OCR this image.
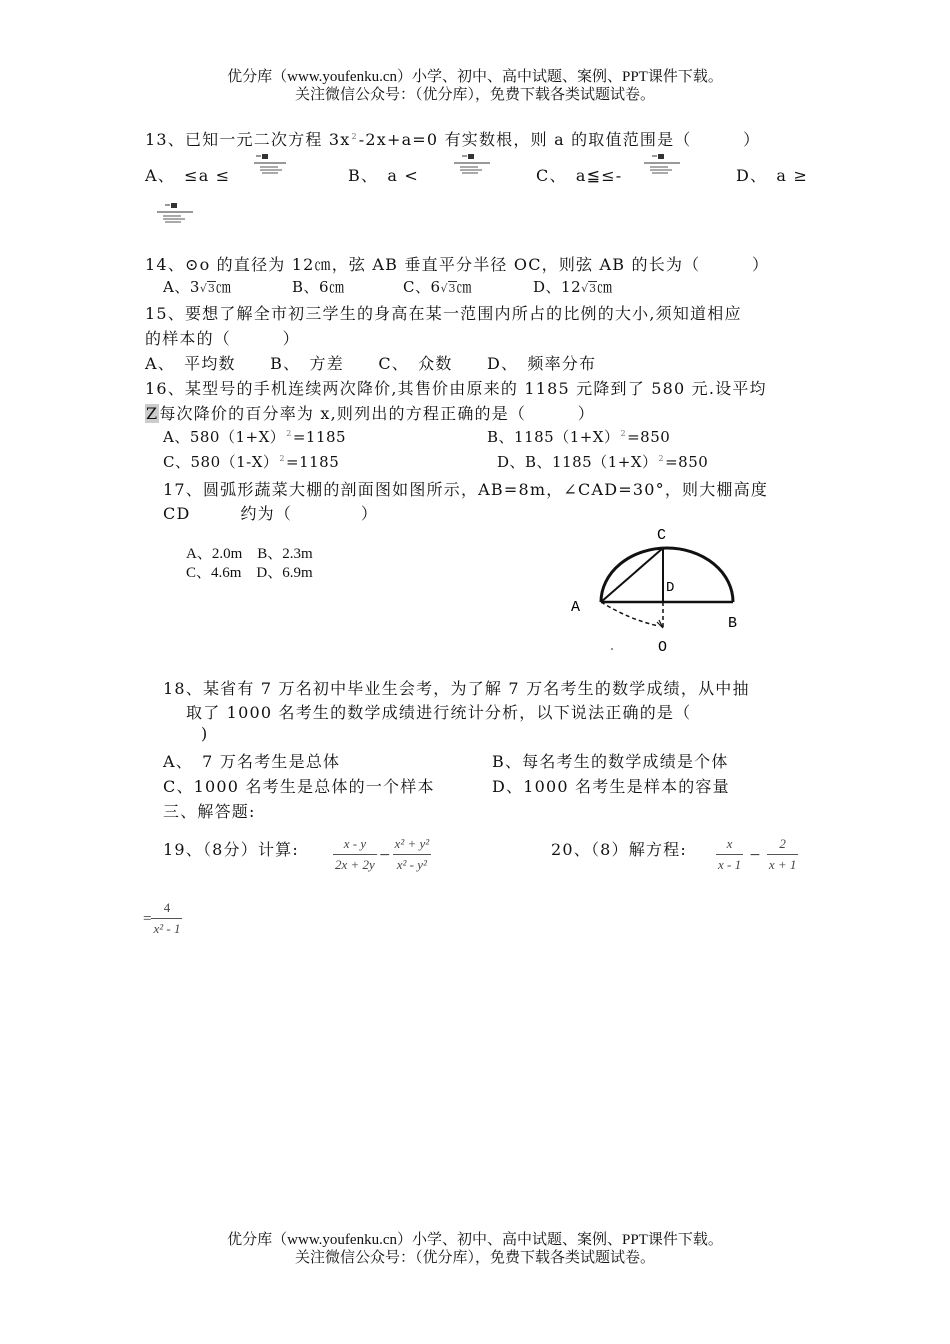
优分库（www.youfenku.cn）小学、初中、高中试题、案例、PPT课件下载。
关注微信公众号：（优分库），免费下载各类试题试卷。
13、已知一元二次方程 $3x^2-2x+a=0$ 有实数根，则 a 的取值范围是（　　　）
A、　≤a ≤	B、　a <	C、　a≦≤-	D、　a ≥
14、⊙o 的直径为 12㎝，弦 AB 垂直平分半径 OC，则弦 AB 的长为（　　　）
A、3√3㎝	B、6㎝	C、6√3㎝	D、12√3㎝
15、要想了解全市初三学生的身高在某一范围内所占的比例的大小,须知道相应
的样本的（　　　）
A、　平均数　　B、　方差　　C、　众数　　D、　频率分布
16、某型号的手机连续两次降价,其售价由原来的 1185 元降到了 580 元.设平均
Z每次降价的百分率为 x,则列出的方程正确的是（　　　）
A、$580(1+X)^2=1185$	B、$1185(1+X)^2=850$
C、$580(1-X)^2=1185$	D、B、$1185(1+X)^2=850$
17、圆弧形蔬菜大棚的剖面图如图所示，AB=8m，∠CAD=30°，则大棚高度
CD	约为（　　　　）
A、2.0m　B、2.3m
C、4.6m　D、6.9m
C
D
A
B
O
18、某省有 7 万名初中毕业生会考，为了解 7 万名考生的数学成绩，从中抽
取了 1000 名考生的数学成绩进行统计分析，以下说法正确的是（
)
A、　7 万名考生是总体	B、每名考生的数学成绩是个体
C、1000 名考生是总体的一个样本	D、1000 名考生是样本的容量
三、解答题:
19、（8分）计算:	$\frac{x - y}{2x + 2y} - \frac{\text{x² + y²}}{\text{x² - y²}}$	20、（8）解方程: $\frac{x}{x - 1} - \frac{2}{x + 1}$
= $\frac{4}{\text{x² - 1}}$
优分库（www.youfenku.cn）小学、初中、高中试题、案例、PPT课件下载。
关注微信公众号：（优分库），免费下载各类试题试卷。
